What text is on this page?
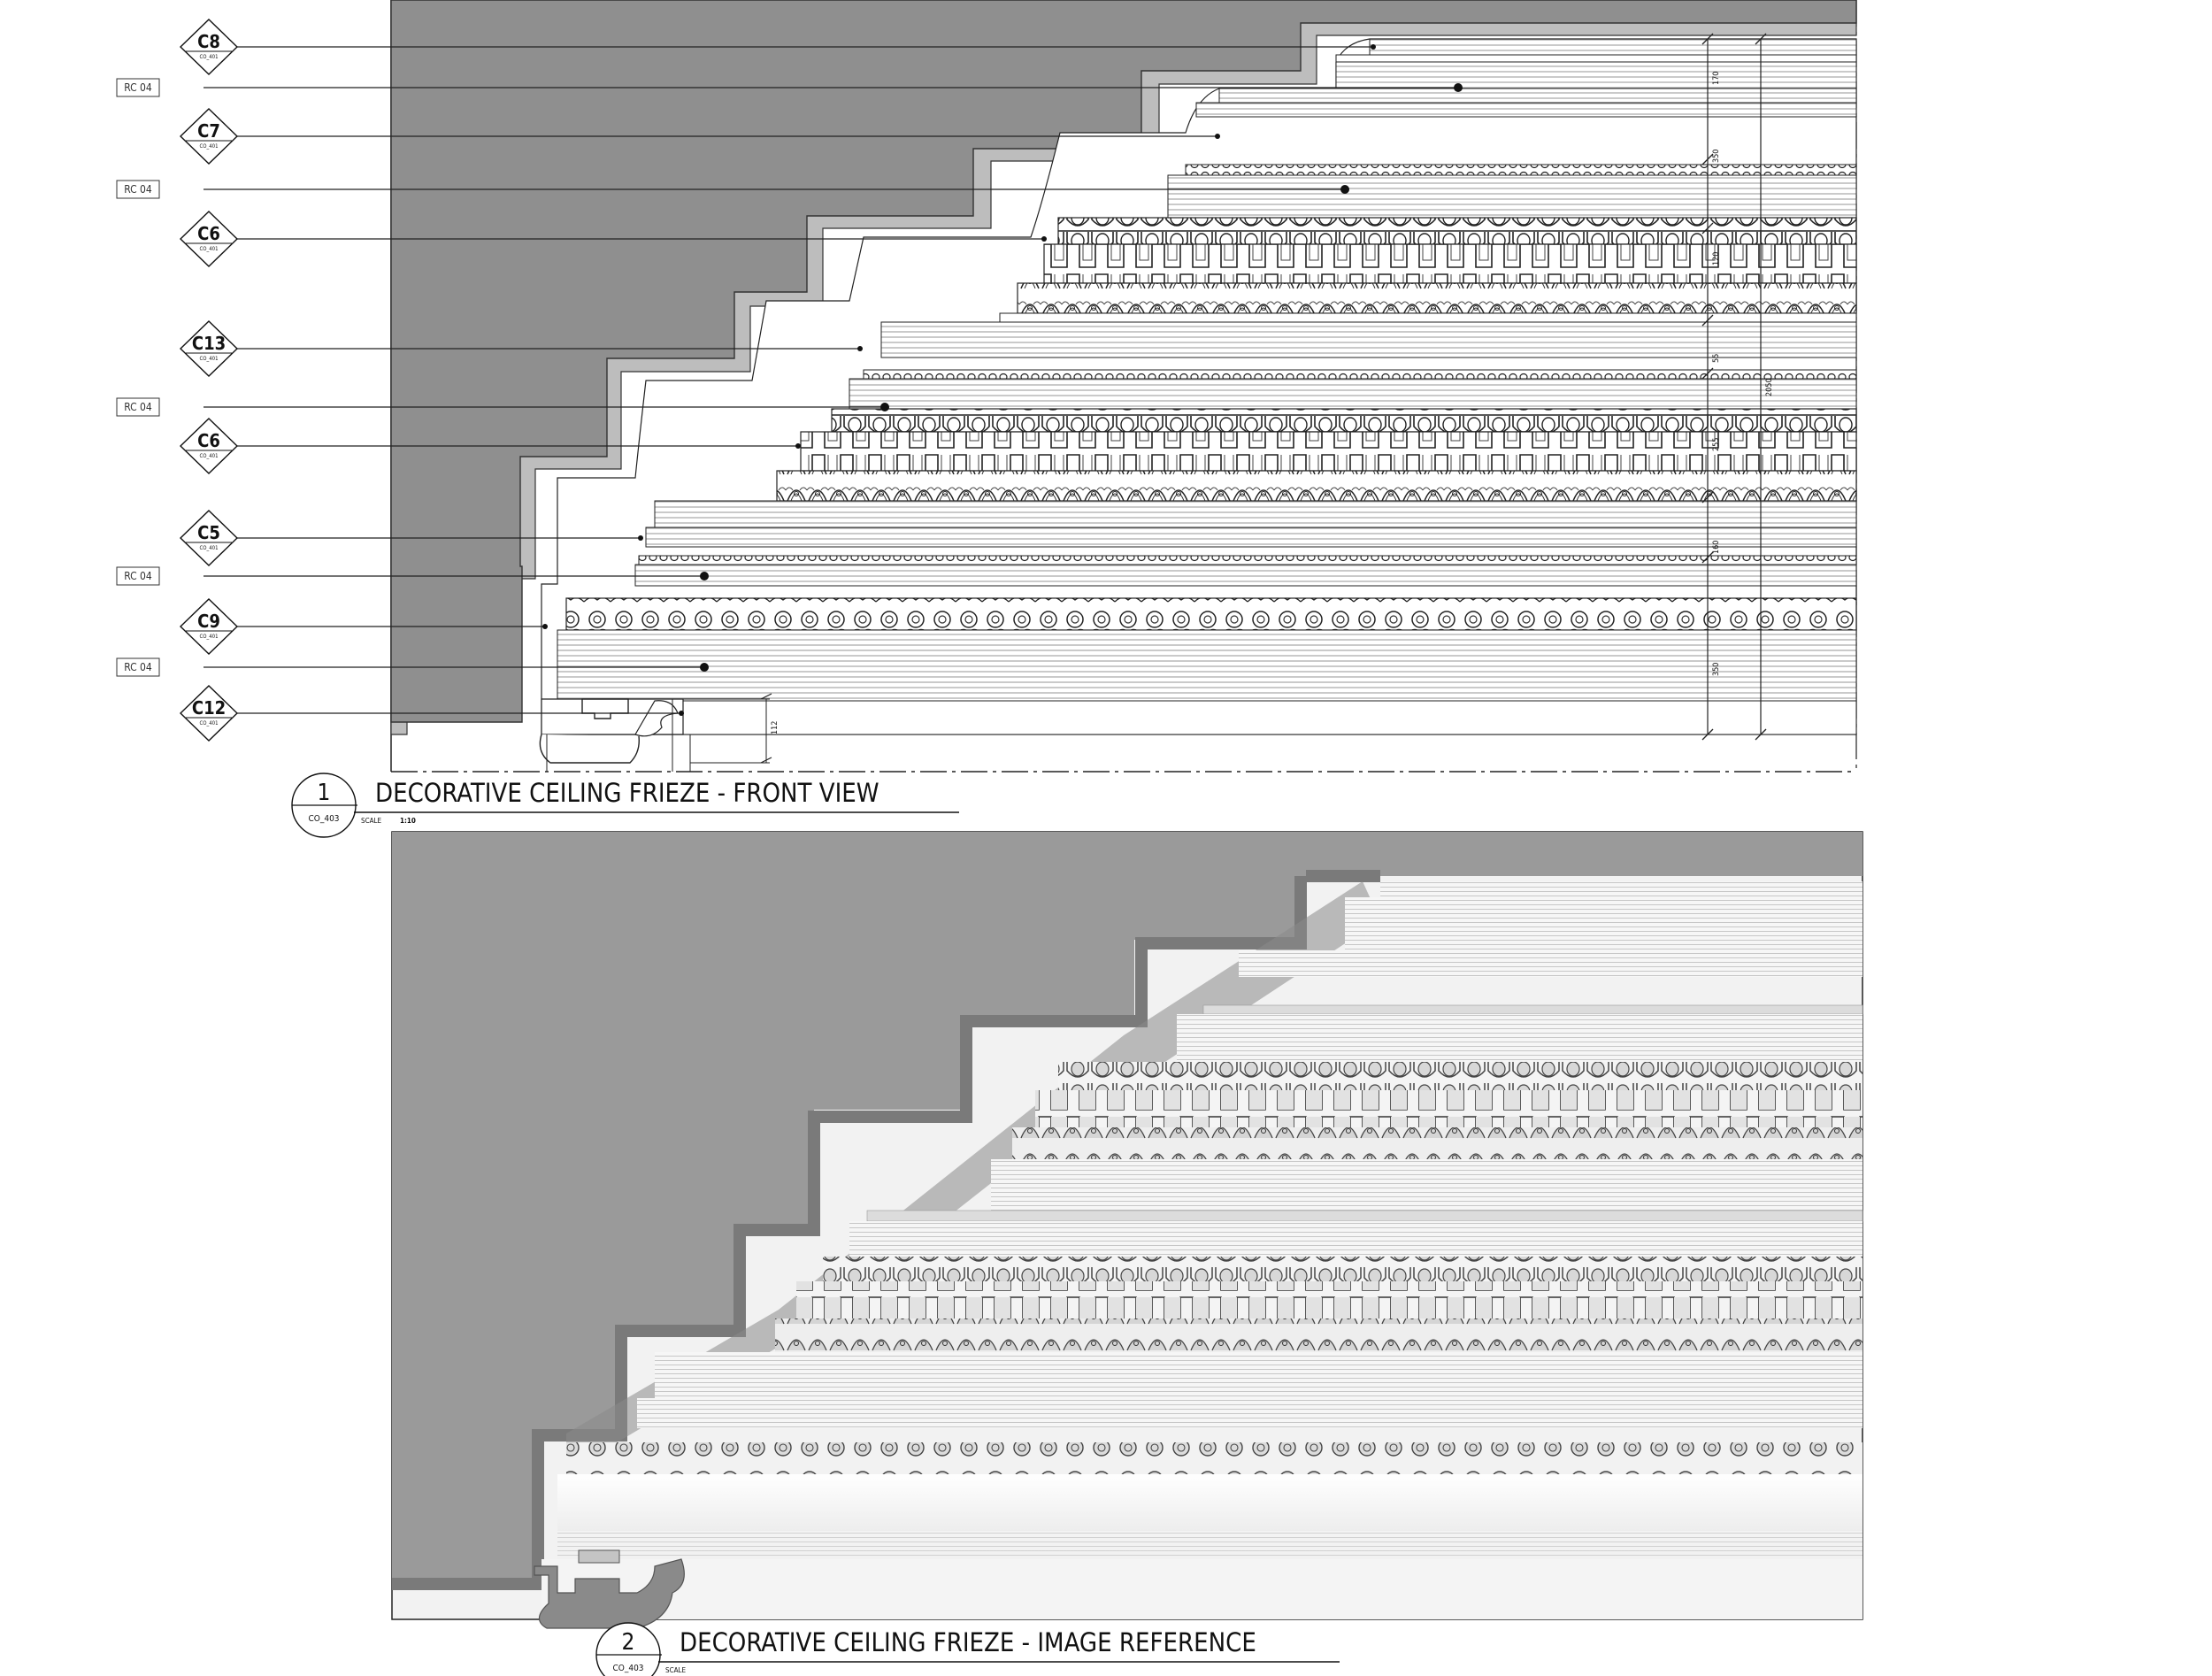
170
350
120
55
2050
255
160
350
112
C8
CO_401
C7
CO_401
C6
CO_401
C13
CO_401
C6
CO_401
C5
CO_401
C9
CO_401
C12
CO_401
RC 04
RC 04
RC 04
RC 04
RC 04
1
CO_403
DECORATIVE CEILING FRIEZE - FRONT VIEW
SCALE	1:10
2
CO_403
DECORATIVE CEILING FRIEZE - IMAGE REFERENCE
SCALE
